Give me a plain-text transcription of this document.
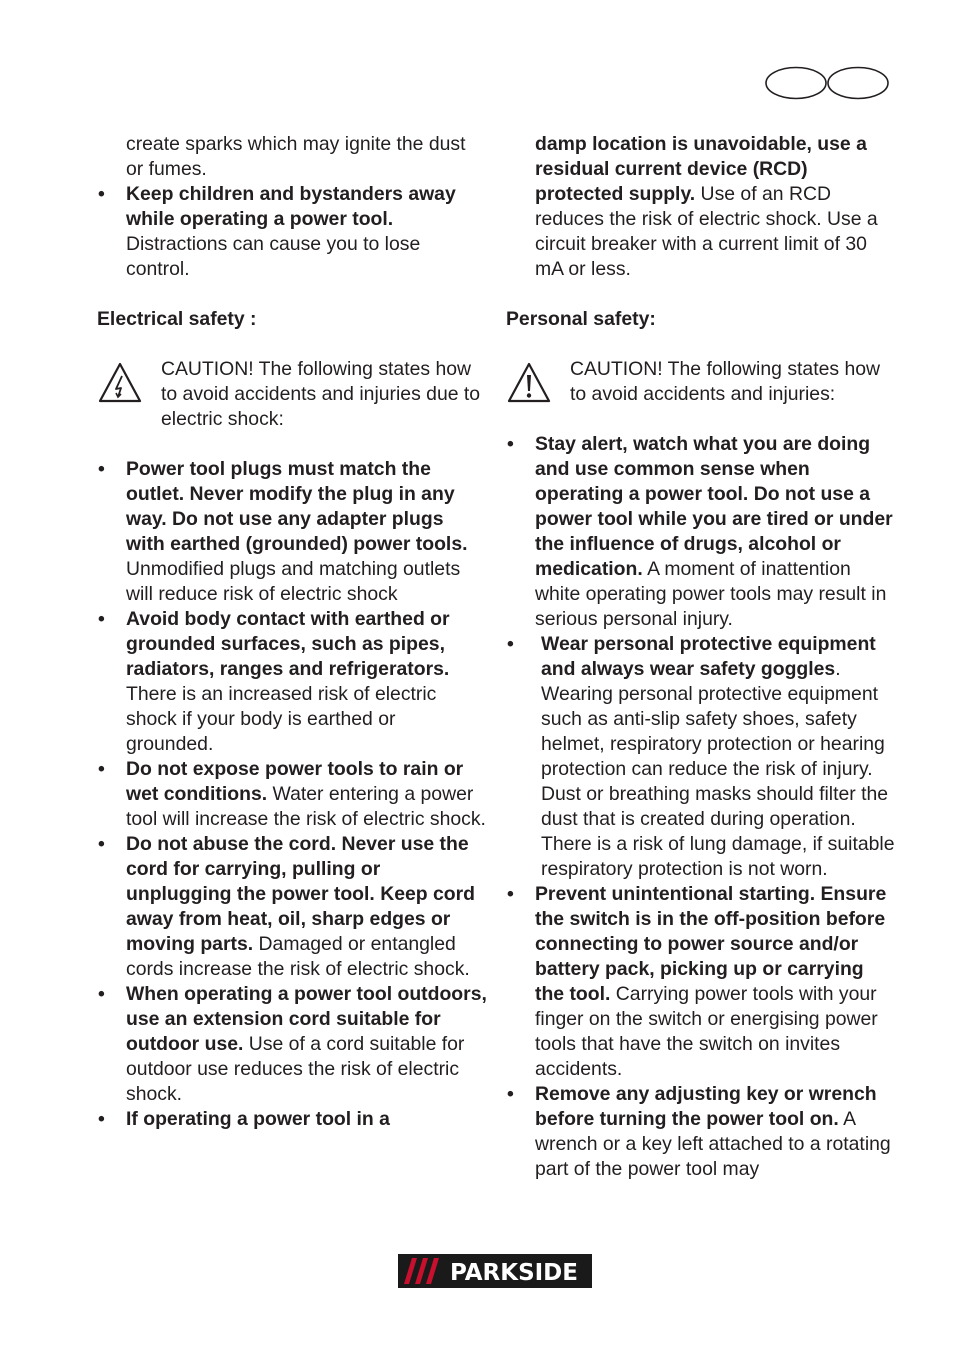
create sparks which may ignite the dust or fumes.

• Keep children and bystanders away while operating a power tool. Distractions can cause you to lose control.

Electrical safety :

CAUTION! The following states how to avoid accidents and injuries due to electric shock:

• Power tool plugs must match the outlet. Never modify the plug in any way. Do not use any adapter plugs with earthed (grounded) power tools. Unmodified plugs and matching outlets will reduce risk of electric shock

• Avoid body contact with earthed or grounded surfaces, such as pipes, radiators, ranges and refrigerators. There is an increased risk of electric shock if your body is earthed or grounded.

• Do not expose power tools to rain or wet conditions. Water entering a power tool will increase the risk of electric shock.

• Do not abuse the cord. Never use the cord for carrying, pulling or unplugging the power tool. Keep cord away from heat, oil, sharp edges or moving parts. Damaged or entangled cords increase the risk of electric shock.

• When operating a power tool outdoors, use an extension cord suitable for outdoor use. Use of a cord suitable for outdoor use reduces the risk of electric shock.

• If operating a power tool in a

damp location is unavoidable, use a residual current device (RCD) protected supply. Use of an RCD reduces the risk of electric shock. Use a circuit breaker with a current limit of 30 mA or less.

Personal safety:

CAUTION! The following states how to avoid accidents and injuries:

• Stay alert, watch what you are doing and use common sense when operating a power tool. Do not use a power tool while you are tired or under the influence of drugs, alcohol or medication. A moment of inattention white operating power tools may result in serious personal injury.

• Wear personal protective equipment and always wear safety goggles. Wearing personal protective equipment such as anti-slip safety shoes, safety helmet, respiratory protection or hearing protection can reduce the risk of injury. Dust or breathing masks should filter the dust that is created during operation. There is a risk of lung damage, if suitable respiratory protection is not worn.

• Prevent unintentional starting. Ensure the switch is in the off-position before connecting to power source and/or battery pack, picking up or carrying the tool. Carrying power tools with your finger on the switch or energising power tools that have the switch on invites accidents.

• Remove any adjusting key or wrench before turning the power tool on. A wrench or a key left attached to a rotating part of the power tool may

PARKSIDE
